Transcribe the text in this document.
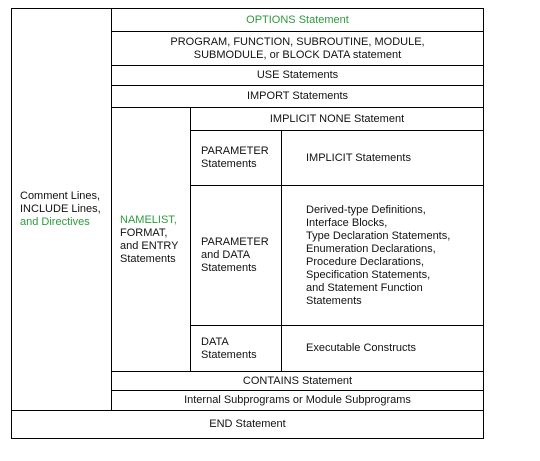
Comment Lines,
INCLUDE Lines,
and Directives
OPTIONS Statement
PROGRAM, FUNCTION, SUBROUTINE, MODULE,
SUBMODULE, or BLOCK DATA statement
USE Statements
IMPORT Statements
NAMELIST,
FORMAT,
and ENTRY
Statements
IMPLICIT NONE Statement
PARAMETER
Statements
IMPLICIT Statements
PARAMETER
and DATA
Statements
Derived-type Definitions,
Interface Blocks,
Type Declaration Statements,
Enumeration Declarations,
Procedure Declarations,
Specification Statements,
and Statement Function
Statements
DATA
Statements
Executable Constructs
CONTAINS Statement
Internal Subprograms or Module Subprograms
END Statement
